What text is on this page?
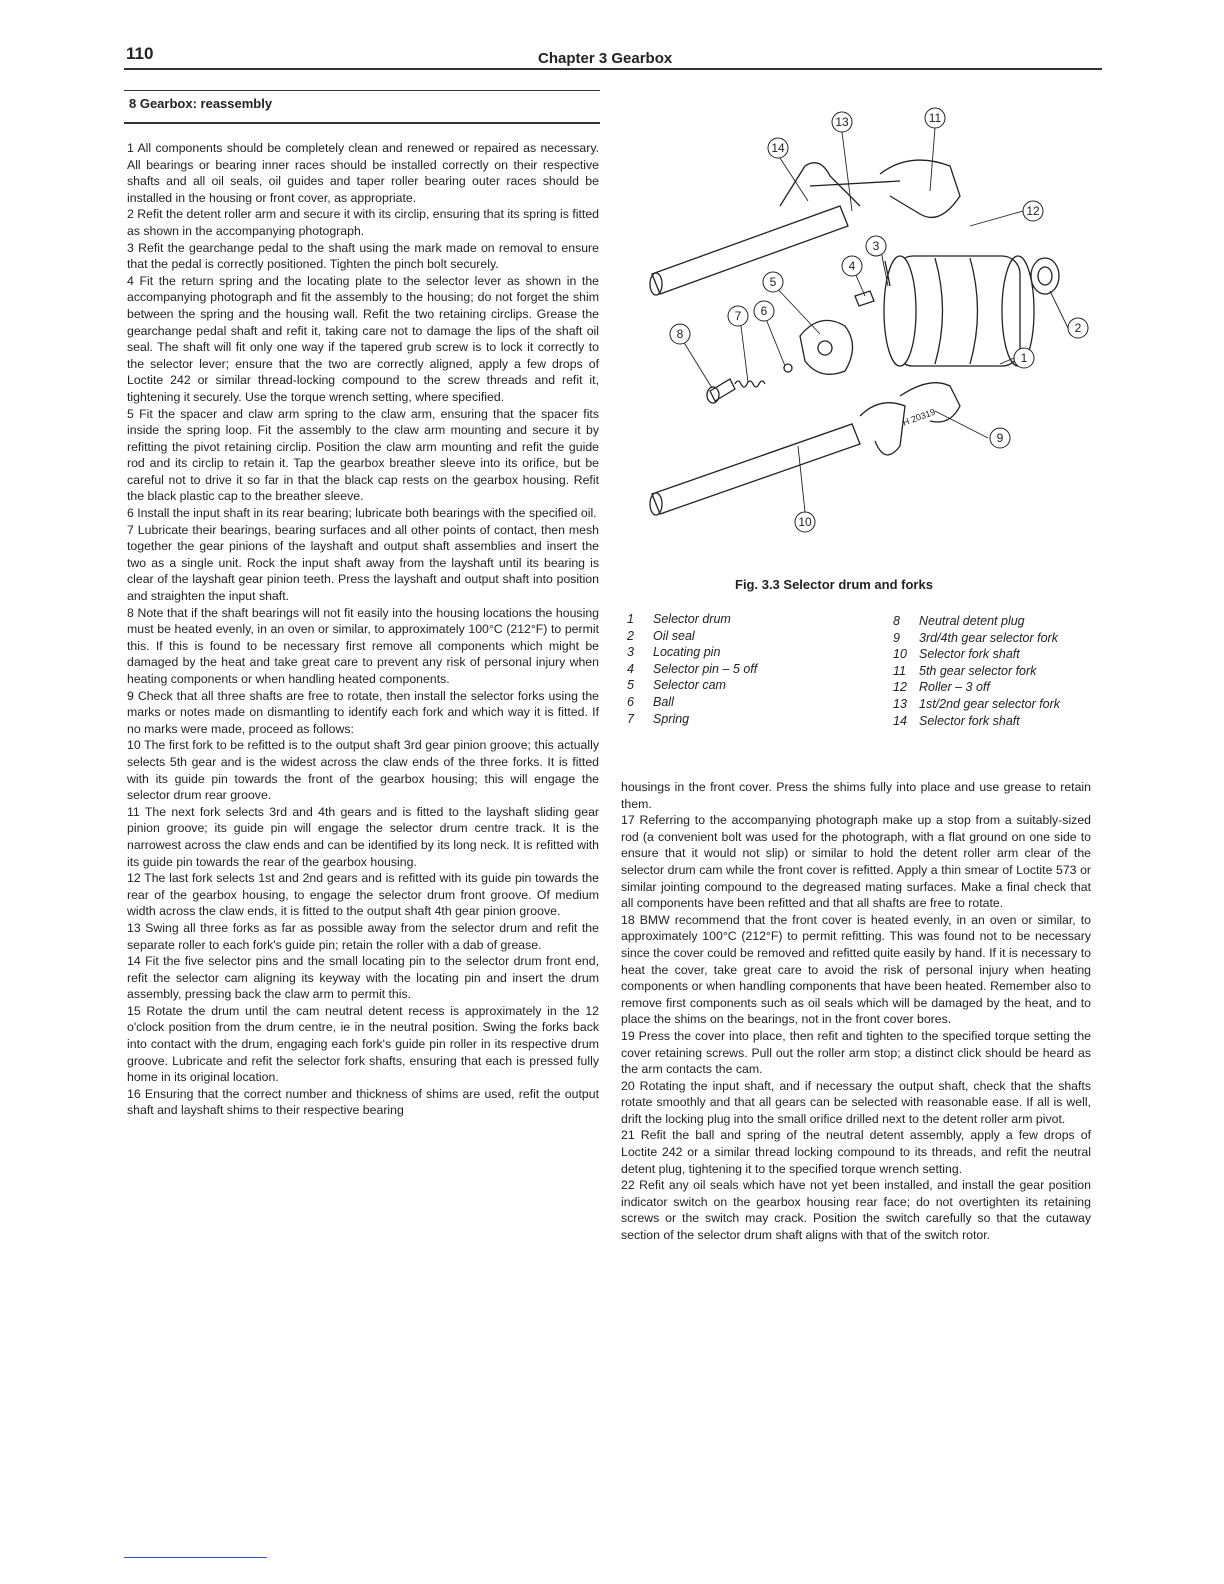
110	Chapter 3 Gearbox
8 Gearbox: reassembly

1 All components should be completely clean and renewed or repaired as necessary. All bearings or bearing inner races should be installed correctly on their respective shafts and all oil seals, oil guides and taper roller bearing outer races should be installed in the housing or front cover, as appropriate.

2 Refit the detent roller arm and secure it with its circlip, ensuring that its spring is fitted as shown in the accompanying photograph.

3 Refit the gearchange pedal to the shaft using the mark made on removal to ensure that the pedal is correctly positioned. Tighten the pinch bolt securely.

4 Fit the return spring and the locating plate to the selector lever as shown in the accompanying photograph and fit the assembly to the housing; do not forget the shim between the spring and the housing wall. Refit the two retaining circlips. Grease the gearchange pedal shaft and refit it, taking care not to damage the lips of the shaft oil seal. The shaft will fit only one way if the tapered grub screw is to lock it correctly to the selector lever; ensure that the two are correctly aligned, apply a few drops of Loctite 242 or similar thread-locking compound to the screw threads and refit it, tightening it securely. Use the torque wrench setting, where specified.

5 Fit the spacer and claw arm spring to the claw arm, ensuring that the spacer fits inside the spring loop. Fit the assembly to the claw arm mounting and secure it by refitting the pivot retaining circlip. Position the claw arm mounting and refit the guide rod and its circlip to retain it. Tap the gearbox breather sleeve into its orifice, but be careful not to drive it so far in that the black cap rests on the gearbox housing. Refit the black plastic cap to the breather sleeve.

6 Install the input shaft in its rear bearing; lubricate both bearings with the specified oil.

7 Lubricate their bearings, bearing surfaces and all other points of contact, then mesh together the gear pinions of the layshaft and output shaft assemblies and insert the two as a single unit. Rock the input shaft away from the layshaft until its bearing is clear of the layshaft gear pinion teeth. Press the layshaft and output shaft into position and straighten the input shaft.

8 Note that if the shaft bearings will not fit easily into the housing locations the housing must be heated evenly, in an oven or similar, to approximately 100°C (212°F) to permit this. If this is found to be necessary first remove all components which might be damaged by the heat and take great care to prevent any risk of personal injury when heating components or when handling heated components.

9 Check that all three shafts are free to rotate, then install the selector forks using the marks or notes made on dismantling to identify each fork and which way it is fitted. If no marks were made, proceed as follows:

10 The first fork to be refitted is to the output shaft 3rd gear pinion groove; this actually selects 5th gear and is the widest across the claw ends of the three forks. It is fitted with its guide pin towards the front of the gearbox housing; this will engage the selector drum rear groove.

11 The next fork selects 3rd and 4th gears and is fitted to the layshaft sliding gear pinion groove; its guide pin will engage the selector drum centre track. It is the narrowest across the claw ends and can be identified by its long neck. It is refitted with its guide pin towards the rear of the gearbox housing.

12 The last fork selects 1st and 2nd gears and is refitted with its guide pin towards the rear of the gearbox housing, to engage the selector drum front groove. Of medium width across the claw ends, it is fitted to the output shaft 4th gear pinion groove.

13 Swing all three forks as far as possible away from the selector drum and refit the separate roller to each fork's guide pin; retain the roller with a dab of grease.

14 Fit the five selector pins and the small locating pin to the selector drum front end, refit the selector cam aligning its keyway with the locating pin and insert the drum assembly, pressing back the claw arm to permit this.

15 Rotate the drum until the cam neutral detent recess is approximately in the 12 o'clock position from the drum centre, ie in the neutral position. Swing the forks back into contact with the drum, engaging each fork's guide pin roller in its respective drum groove. Lubricate and refit the selector fork shafts, ensuring that each is pressed fully home in its original location.

16 Ensuring that the correct number and thickness of shims are used, refit the output shaft and layshaft shims to their respective bearing

13	11
14
12
3
4
5
7 6
8	2
1
9
10
H 20319
Fig. 3.3 Selector drum and forks
1	Selector drum
2	Oil seal
3	Locating pin
4	Selector pin – 5 off
5	Selector cam
6	Ball
7	Spring
8	Neutral detent plug
9	3rd/4th gear selector fork
10 Selector fork shaft
11	5th gear selector fork
12 Roller – 3 off
13 1st/2nd gear selector fork
14 Selector fork shaft

housings in the front cover. Press the shims fully into place and use grease to retain them.

17 Referring to the accompanying photograph make up a stop from a suitably-sized rod (a convenient bolt was used for the photograph, with a flat ground on one side to ensure that it would not slip) or similar to hold the detent roller arm clear of the selector drum cam while the front cover is refitted. Apply a thin smear of Loctite 573 or similar jointing compound to the degreased mating surfaces. Make a final check that all components have been refitted and that all shafts are free to rotate.

18 BMW recommend that the front cover is heated evenly, in an oven or similar, to approximately 100°C (212°F) to permit refitting. This was found not to be necessary since the cover could be removed and refitted quite easily by hand. If it is necessary to heat the cover, take great care to avoid the risk of personal injury when heating components or when handling components that have been heated. Remember also to remove first components such as oil seals which will be damaged by the heat, and to place the shims on the bearings, not in the front cover bores.

19 Press the cover into place, then refit and tighten to the specified torque setting the cover retaining screws. Pull out the roller arm stop; a distinct click should be heard as the arm contacts the cam.

20 Rotating the input shaft, and if necessary the output shaft, check that the shafts rotate smoothly and that all gears can be selected with reasonable ease. If all is well, drift the locking plug into the small orifice drilled next to the detent roller arm pivot.

21 Refit the ball and spring of the neutral detent assembly, apply a few drops of Loctite 242 or a similar thread locking compound to its threads, and refit the neutral detent plug, tightening it to the specified torque wrench setting.

22 Refit any oil seals which have not yet been installed, and install the gear position indicator switch on the gearbox housing rear face; do not overtighten its retaining screws or the switch may crack. Position the switch carefully so that the cutaway section of the selector drum shaft aligns with that of the switch rotor.
